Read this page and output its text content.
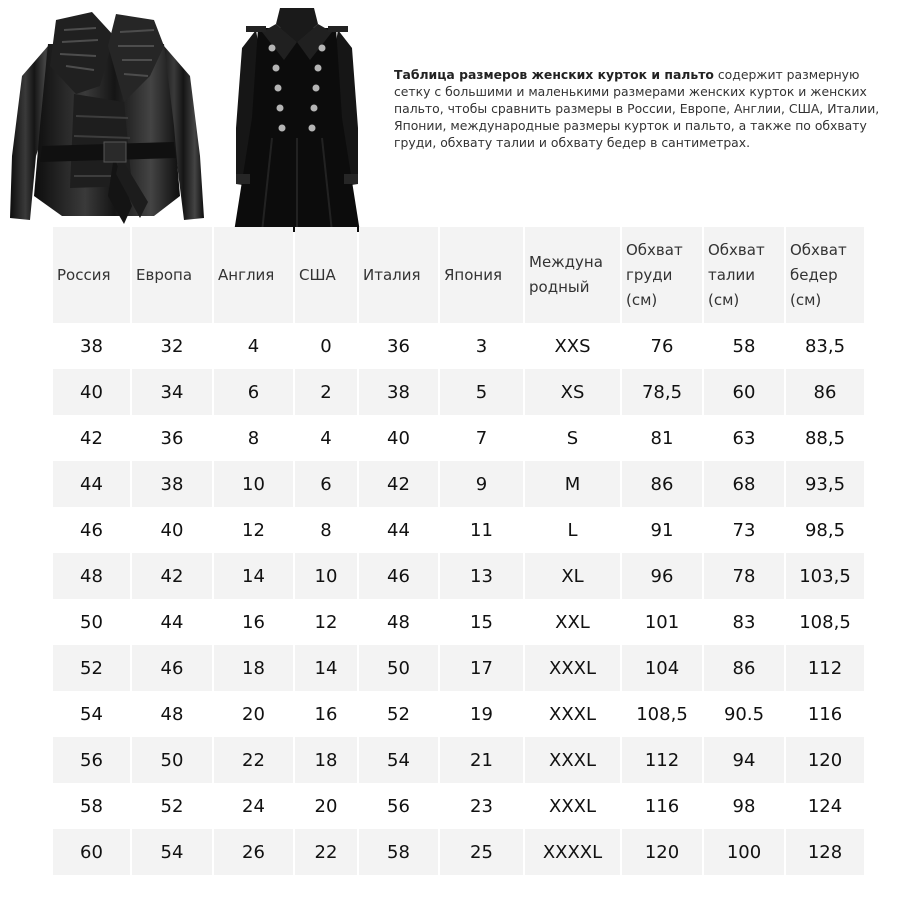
Таблица размеров женских курток и пальто содержит размерную сетку с большими и маленькими размерами женских курток и женских пальто, чтобы сравнить размеры в России, Европе, Англии, США, Италии, Японии, международные размеры курток и пальто, а также по обхвату груди, обхвату талии и обхвату бедер в сантиметрах.
Россия	Европа	Англия	США	Италия	Япония	Междуна родный	Обхват груди (см)	Обхват талии (см)	Обхват бедер (см)
38	32	4	0	36	3	XXS	76	58	83,5
40	34	6	2	38	5	XS	78,5	60	86
42	36	8	4	40	7	S	81	63	88,5
44	38	10	6	42	9	M	86	68	93,5
46	40	12	8	44	11	L	91	73	98,5
48	42	14	10	46	13	XL	96	78	103,5
50	44	16	12	48	15	XXL	101	83	108,5
52	46	18	14	50	17	XXXL	104	86	112
54	48	20	16	52	19	XXXL	108,5	90.5	116
56	50	22	18	54	21	XXXL	112	94	120
58	52	24	20	56	23	XXXL	116	98	124
60	54	26	22	58	25	XXXXL	120	100	128
